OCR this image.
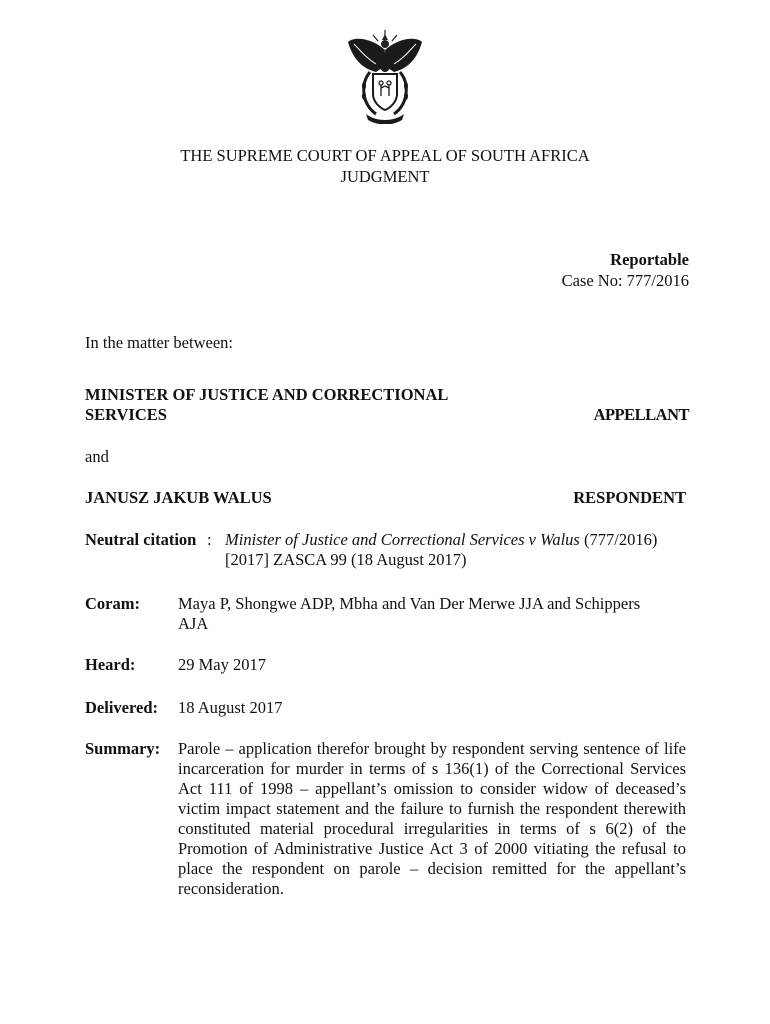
THE SUPREME COURT OF APPEAL OF SOUTH AFRICA
JUDGMENT
Reportable
Case No: 777/2016
In the matter between:
MINISTER OF JUSTICE AND CORRECTIONAL
SERVICES	APPELLANT
and
JANUSZ JAKUB WALUS	RESPONDENT
Neutral citation : Minister of Justice and Correctional Services v Walus (777/2016)
[2017] ZASCA 99 (18 August 2017)
Coram: Maya P, Shongwe ADP, Mbha and Van Der Merwe JJA and Schippers
AJA
Heard:	29 May 2017
Delivered: 18 August 2017
Summary: Parole – application therefor brought by respondent serving sentence of life incarceration for murder in terms of s 136(1) of the Correctional Services Act 111 of 1998 – appellant’s omission to consider widow of deceased’s victim impact statement and the failure to furnish the respondent therewith constituted material procedural irregularities in terms of s 6(2) of the Promotion of Administrative Justice Act 3 of 2000 vitiating the refusal to place the respondent on parole – decision remitted for the appellant’s reconsideration.
